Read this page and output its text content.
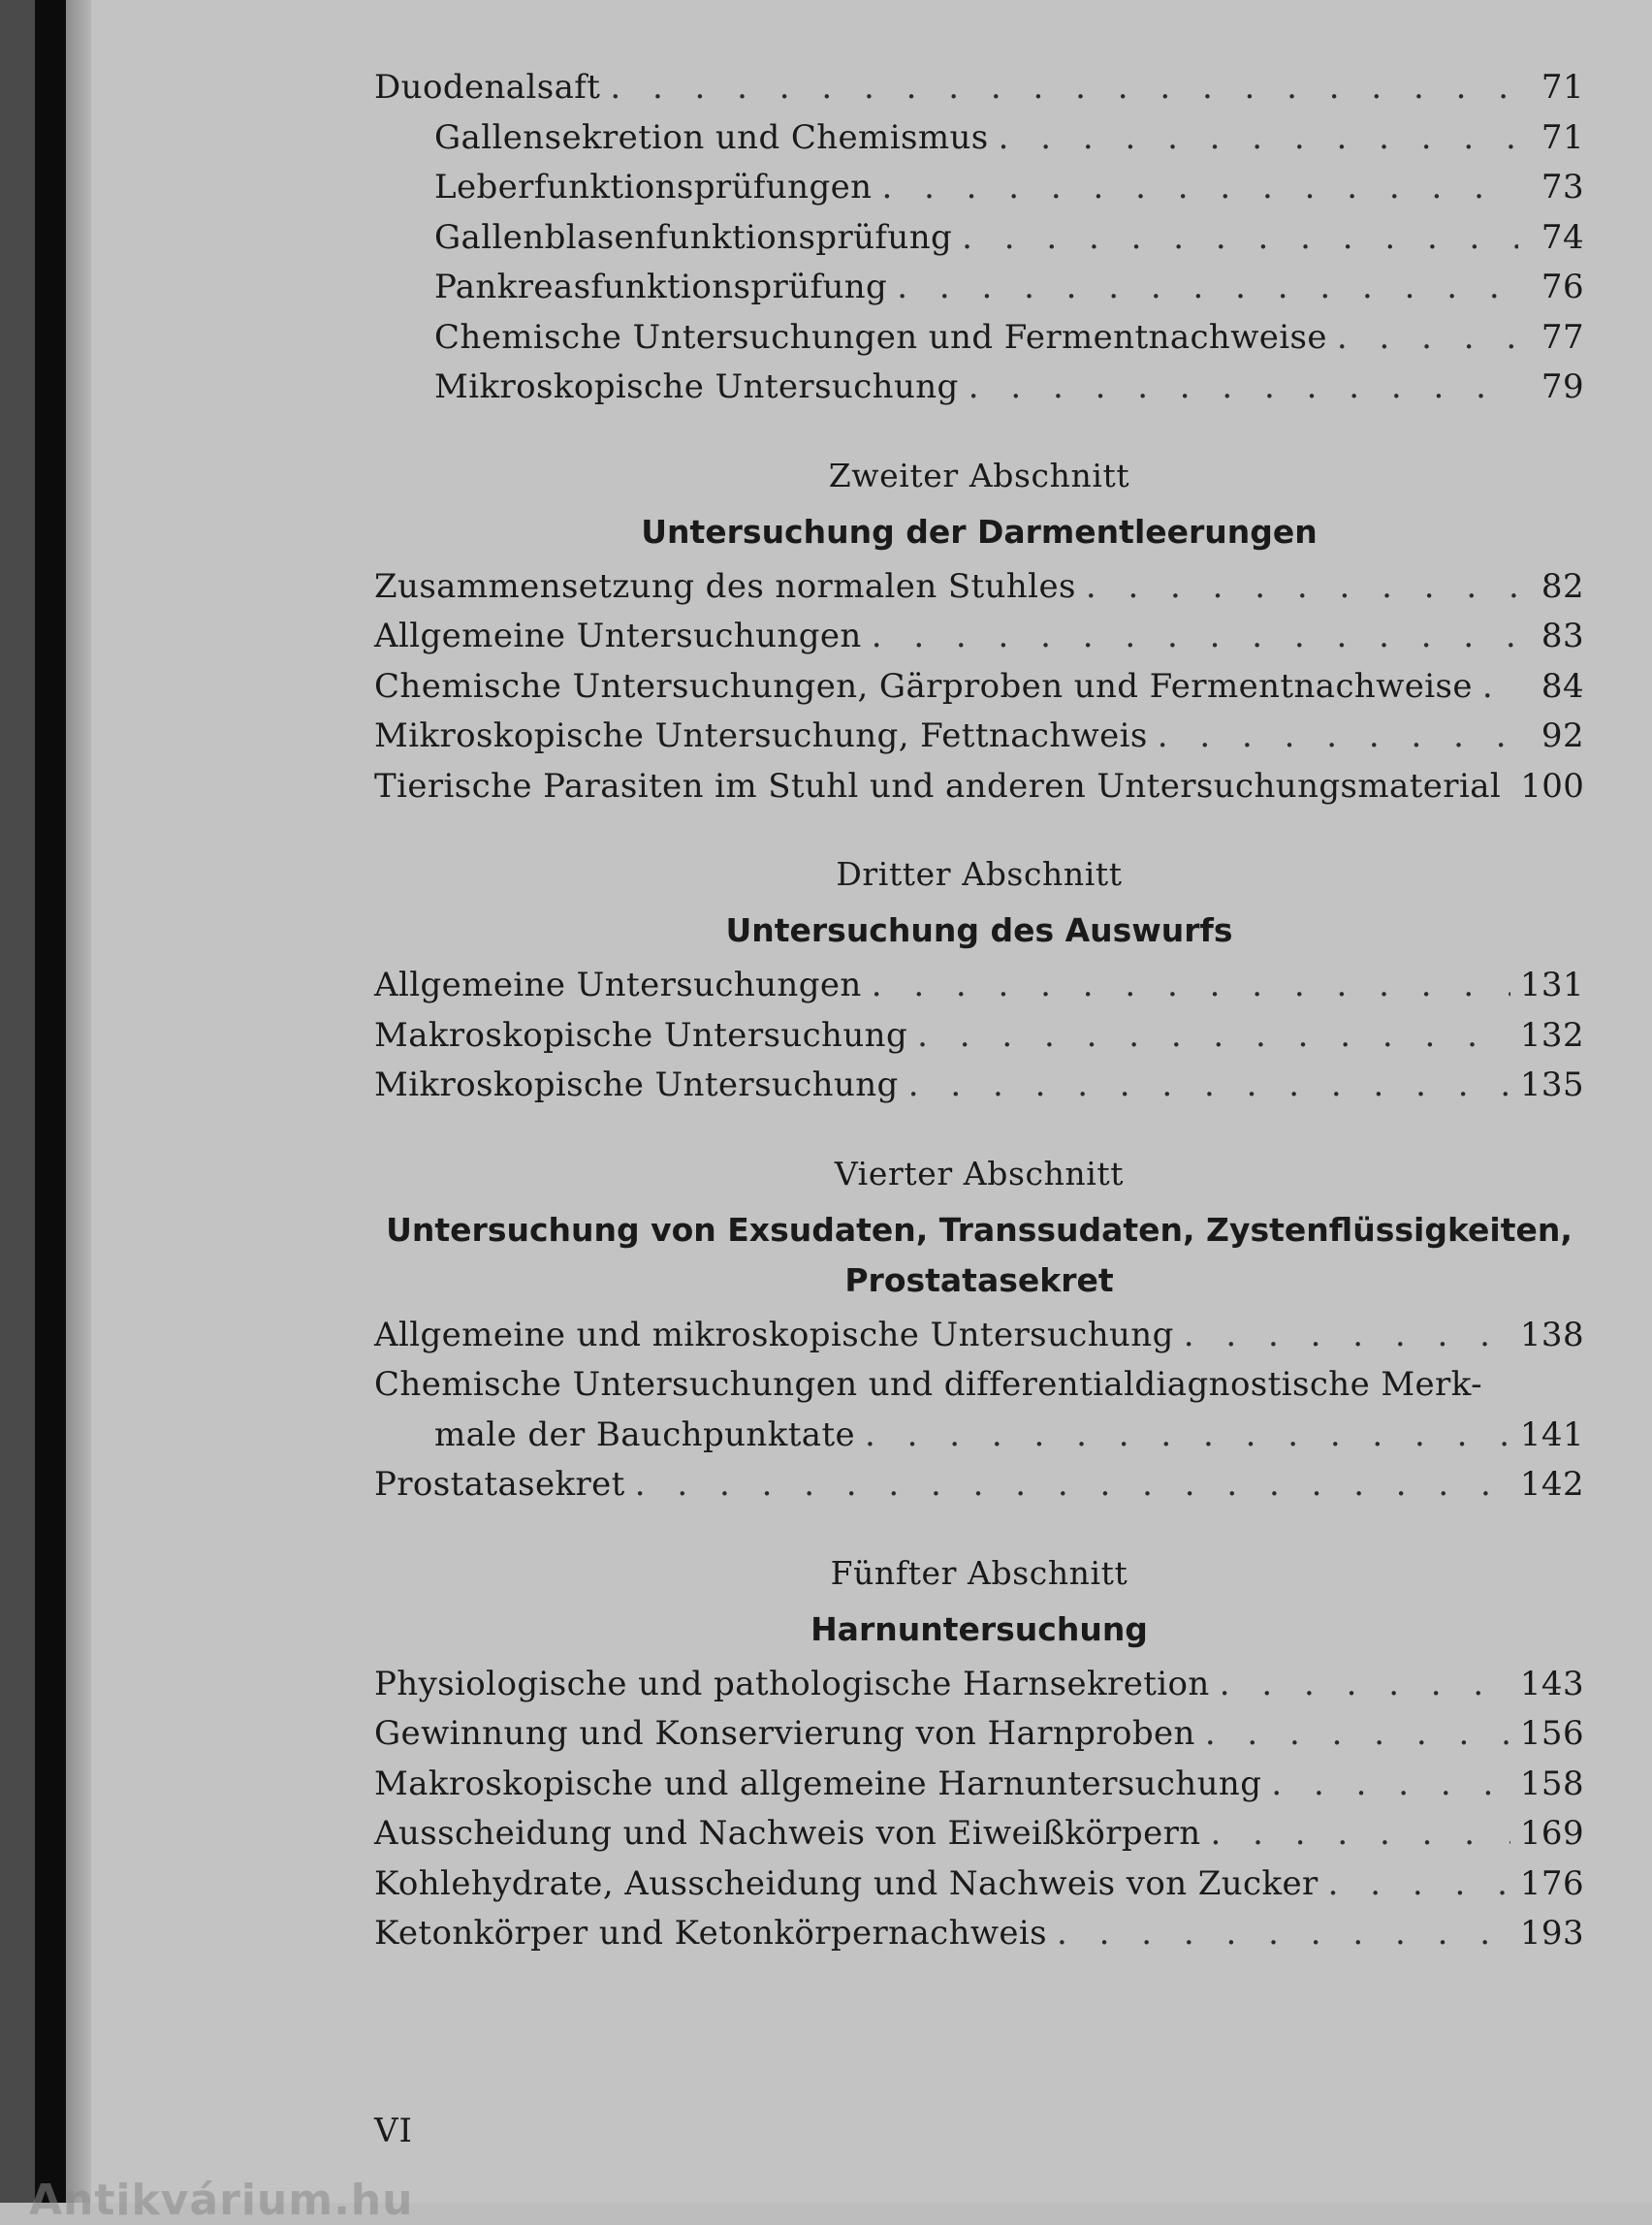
Duodenalsaft . . .	71
Gallensekretion und Chemismus . . .	71
Leberfunktionsprüfungen . . .	73
Gallenblasenfunktionsprüfung . . .	74
Pankreasfunktionsprüfung . . .	76
Chemische Untersuchungen und Fermentnachweise . . .	77
Mikroskopische Untersuchung . . .	79
Zweiter Abschnitt
Untersuchung der Darmentleerungen
Zusammensetzung des normalen Stuhles . . .	82
Allgemeine Untersuchungen . . .	83
Chemische Untersuchungen, Gärproben und Fermentnachweise . . .	84
Mikroskopische Untersuchung, Fettnachweis . . .	92
Tierische Parasiten im Stuhl und anderen Untersuchungsmaterial 100
Dritter Abschnitt
Untersuchung des Auswurfs
Allgemeine Untersuchungen . . .	131
Makroskopische Untersuchung . . .	132
Mikroskopische Untersuchung . . .	135
Vierter Abschnitt
Untersuchung von Exsudaten, Transsudaten, Zystenflüssigkeiten,
Prostatasekret
Allgemeine und mikroskopische Untersuchung . . .	138
Chemische Untersuchungen und differentialdiagnostische Merk-
male der Bauchpunktate . . .	141
Prostatasekret . . .	142
Fünfter Abschnitt
Harnuntersuchung
Physiologische und pathologische Harnsekretion . . .	143
Gewinnung und Konservierung von Harnproben . . .	156
Makroskopische und allgemeine Harnuntersuchung . . .	158
Ausscheidung und Nachweis von Eiweißkörpern . . .	169
Kohlehydrate, Ausscheidung und Nachweis von Zucker . . .	176
Ketonkörper und Ketonkörpernachweis . . .	193
VI
Antikvárium.hu
